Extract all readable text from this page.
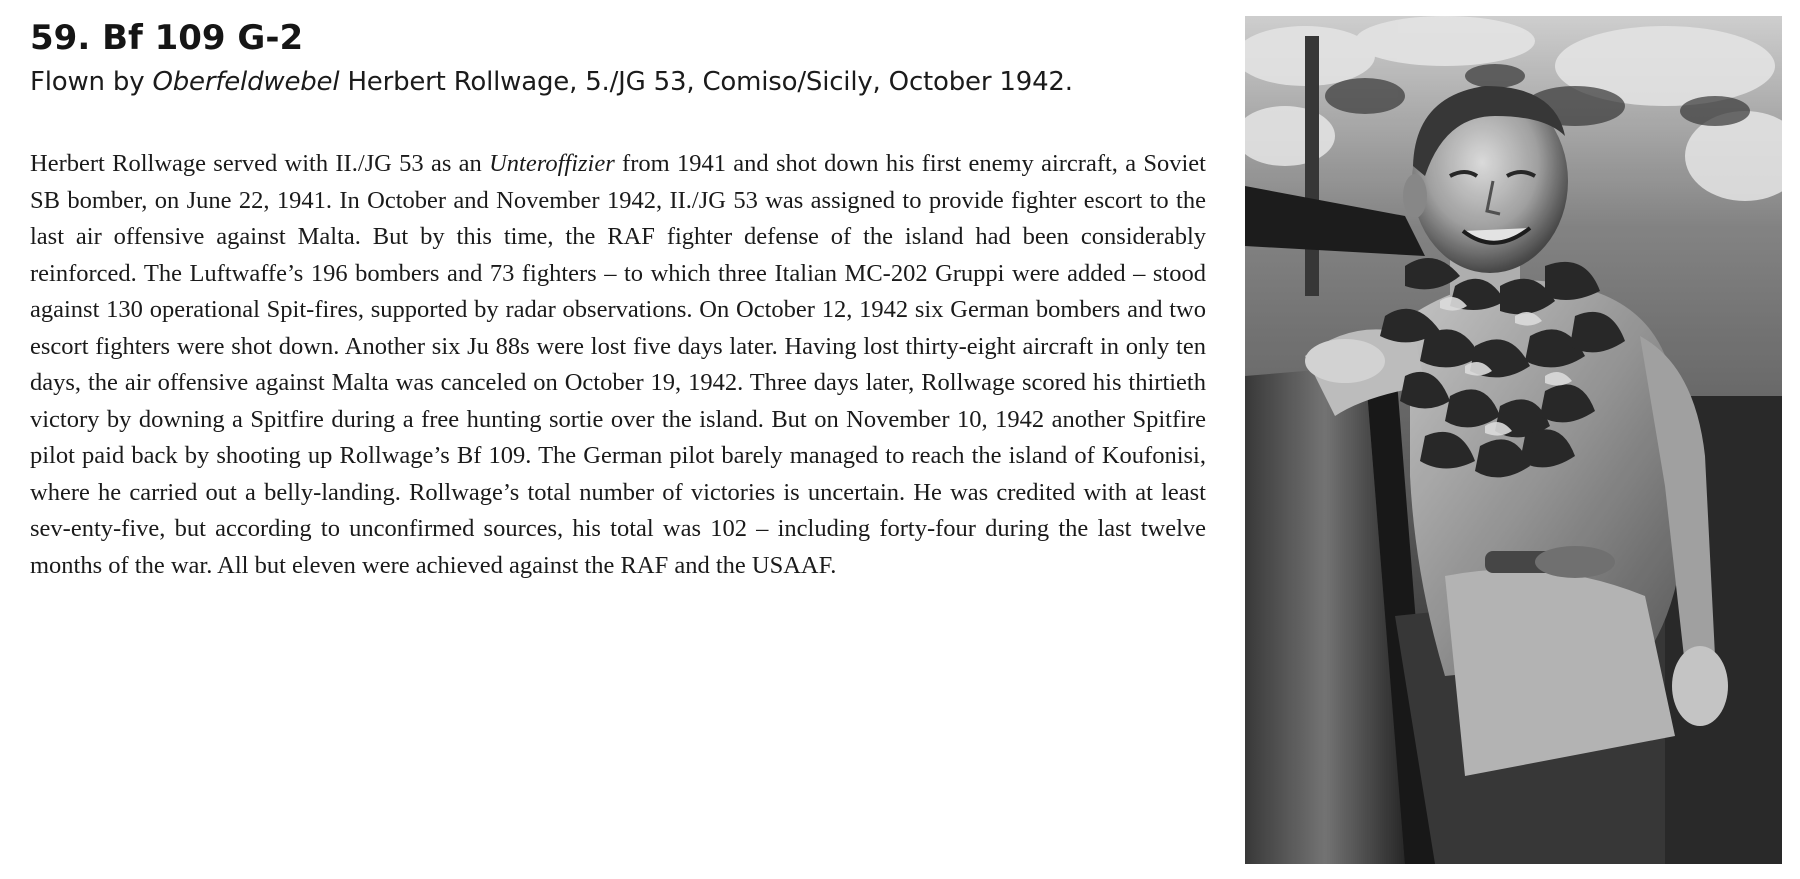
59. Bf 109 G-2

Flown by Oberfeldwebel Herbert Rollwage, 5./JG 53, Comiso/Sicily, October 1942.

Herbert Rollwage served with II./JG 53 as an Unteroffizier from 1941 and shot down his first enemy aircraft, a Soviet SB bomber, on June 22, 1941. In October and November 1942, II./JG 53 was assigned to provide fighter escort to the last air offensive against Malta. But by this time, the RAF fighter defense of the island had been considerably reinforced. The Luftwaffe’s 196 bombers and 73 fighters – to which three Italian MC-202 Gruppi were added – stood against 130 operational Spit-fires, supported by radar observations. On October 12, 1942 six German bombers and two escort fighters were shot down. Another six Ju 88s were lost five days later. Having lost thirty-eight aircraft in only ten days, the air offensive against Malta was canceled on October 19, 1942. Three days later, Rollwage scored his thirtieth victory by downing a Spitfire during a free hunting sortie over the island. But on November 10, 1942 another Spitfire pilot paid back by shooting up Rollwage’s Bf 109. The German pilot barely managed to reach the island of Koufonisi, where he carried out a belly-landing. Rollwage’s total number of victories is uncertain. He was credited with at least sev-enty-five, but according to unconfirmed sources, his total was 102 – including forty-four during the last twelve months of the war. All but eleven were achieved against the RAF and the USAAF.
